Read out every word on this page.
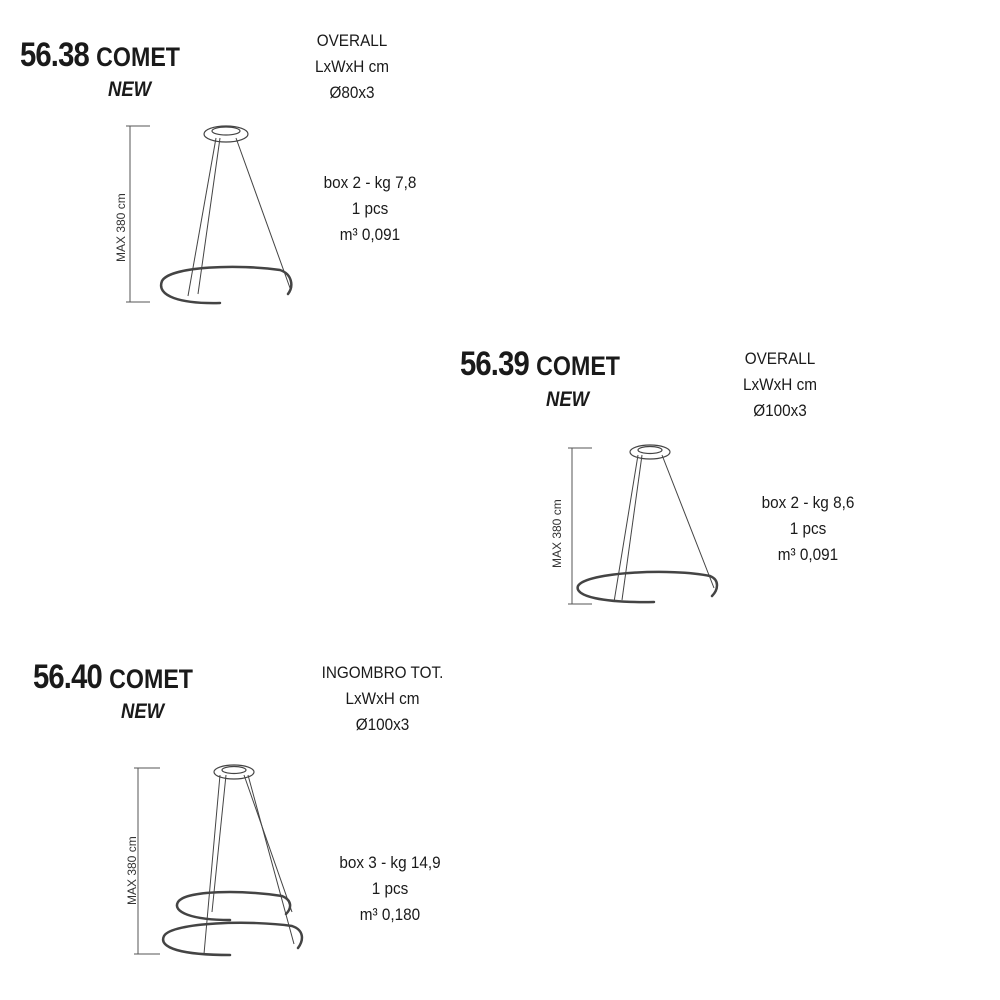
56.38 COMET
NEW
OVERALL
LxWxH cm
Ø80x3
box 2 - kg 7,8
1 pcs
m³ 0,091
MAX 380 cm
56.39 COMET
NEW
OVERALL
LxWxH cm
Ø100x3
box 2 - kg 8,6
1 pcs
m³ 0,091
MAX 380 cm
56.40 COMET
NEW
INGOMBRO TOT.
LxWxH cm
Ø100x3
box 3 - kg 14,9
1 pcs
m³ 0,180
MAX 380 cm
